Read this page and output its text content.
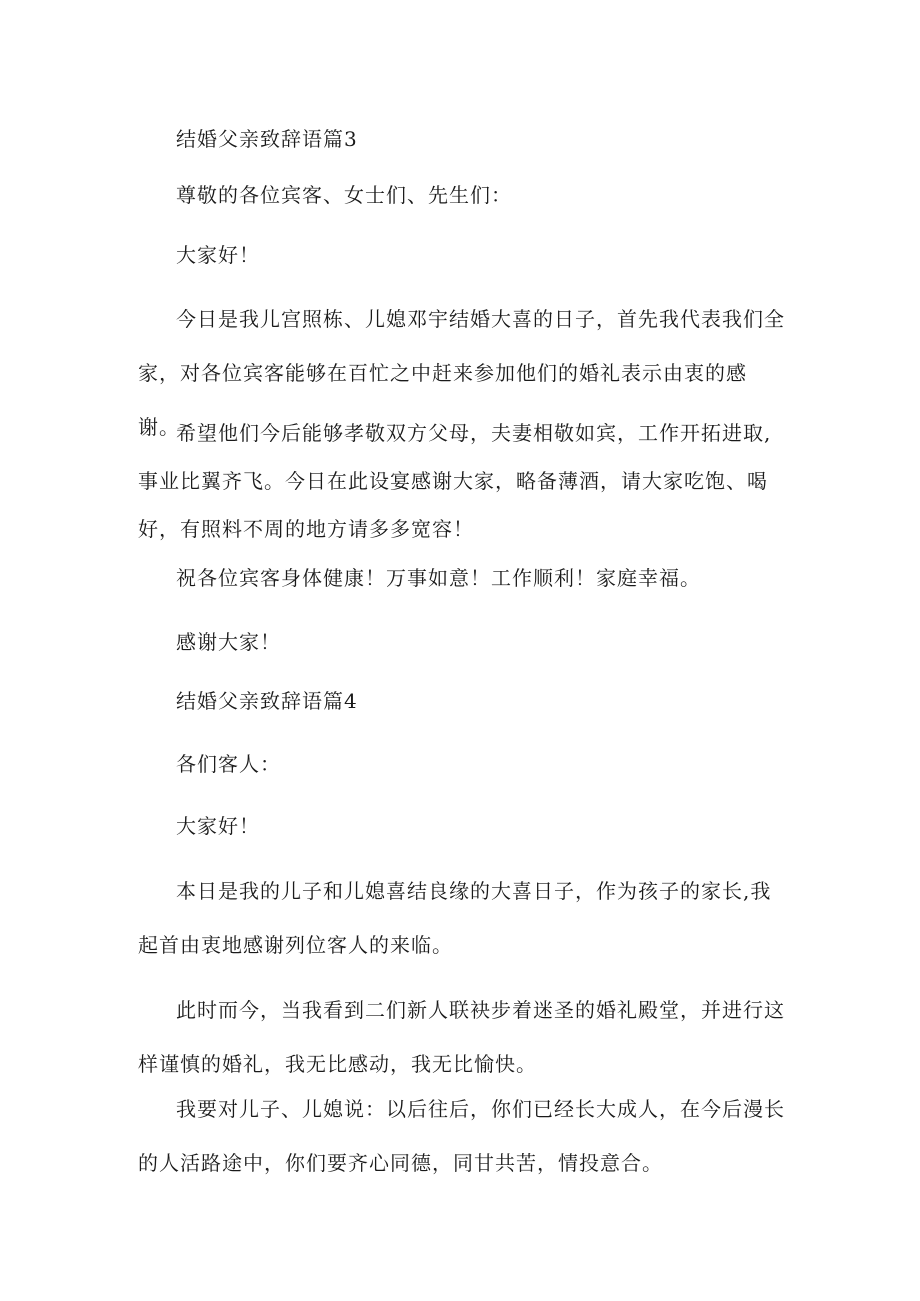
结婚父亲致辞语篇3

尊敬的各位宾客、女士们、先生们：

大家好！

今日是我儿宫照栋、儿媳邓宇结婚大喜的日子，首先我代表我们全家，对各位宾客能够在百忙之中赶来参加他们的婚礼表示由衷的感谢。

希望他们今后能够孝敬双方父母，夫妻相敬如宾，工作开拓进取,事业比翼齐飞。今日在此设宴感谢大家，略备薄酒，请大家吃饱、喝好，有照料不周的地方请多多宽容！

祝各位宾客身体健康！万事如意！工作顺利！家庭幸福。

感谢大家！

结婚父亲致辞语篇4

各们客人：

大家好！

本日是我的儿子和儿媳喜结良缘的大喜日子，作为孩子的家长,我起首由衷地感谢列位客人的来临。

此时而今，当我看到二们新人联袂步着迷圣的婚礼殿堂，并进行这样谨慎的婚礼，我无比感动，我无比愉快。

我要对儿子、儿媳说：以后往后，你们已经长大成人，在今后漫长的人活路途中，你们要齐心同德，同甘共苦，情投意合。
